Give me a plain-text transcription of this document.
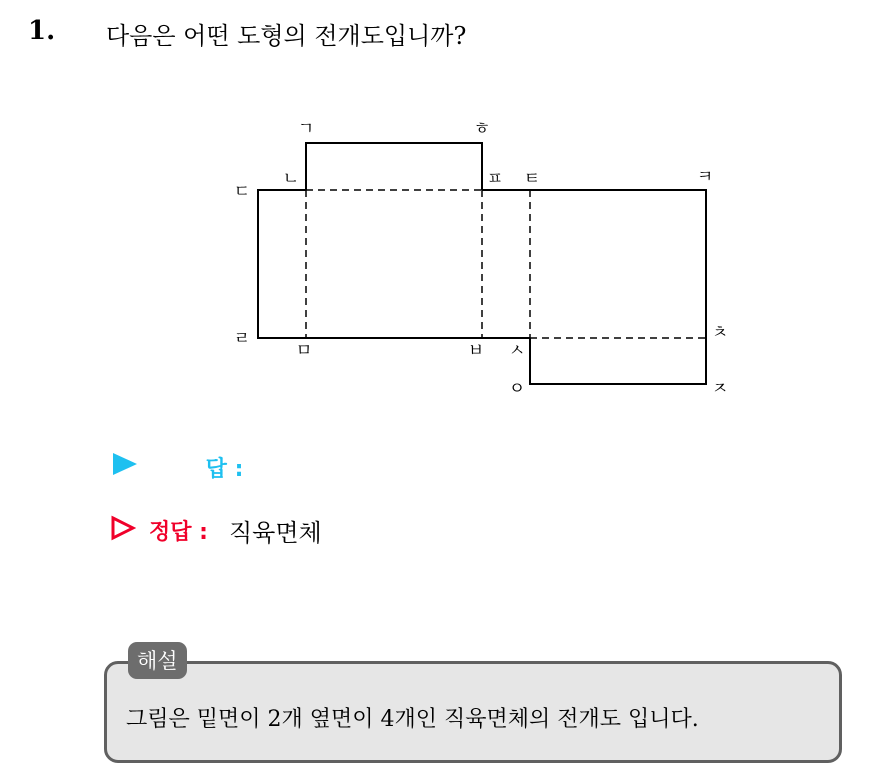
1. 다음은 어떤 도형의 전개도입니까?
ㄱ	ㅎ
ㄴ
ㄷ
ㅍ ㅌ	ㅋ
ㄹ
ㅁ	ㅂ ㅅ
ㅊ
ㅇ	ㅈ
답 :
정답 : 직육면체
해설
그림은 밑면이 2개 옆면이 4개인 직육면체의 전개도 입니다.
